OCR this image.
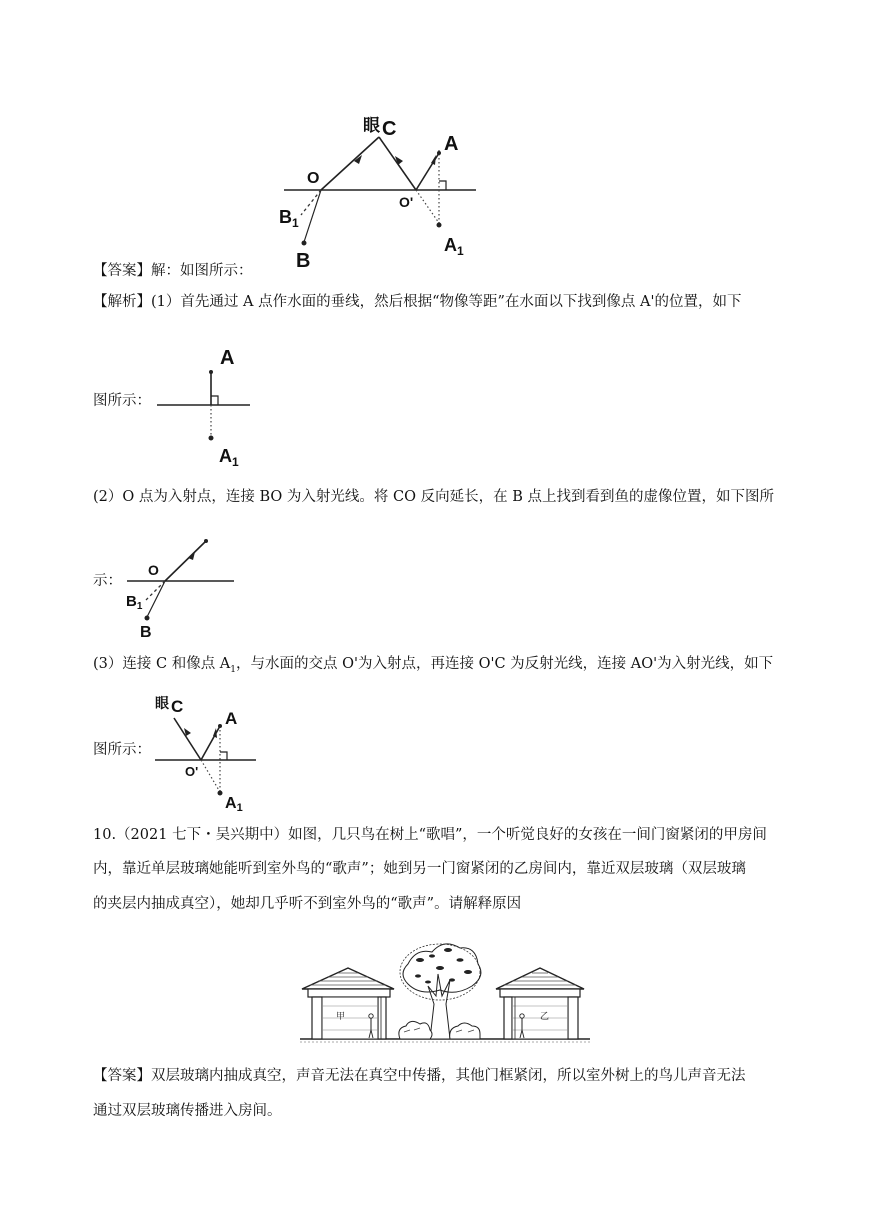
眼 C
A
O
O'
$B_1$
B
$A_1$
【答案】解：如图所示：
【解析】(1）首先通过 A 点作水面的垂线，然后根据“物像等距”在水面以下找到像点 A'的位置，如下
A
$A_1$
图所示：
(2）O 点为入射点，连接 BO 为入射光线。将 CO 反向延长，在 B 点上找到看到鱼的虚像位置，如下图所
O
$B_1$
B
示：
(3）连接 C 和像点 $A_1$，与水面的交点 O'为入射点，再连接 O'C 为反射光线，连接 AO'为入射光线，如下
眼 C
A
O'
A1
图所示：
10.（2021 七下・吴兴期中）如图，几只鸟在树上“歌唱”，一个听觉良好的女孩在一间门窗紧闭的甲房间
内，靠近单层玻璃她能听到室外鸟的“歌声”；她到另一门窗紧闭的乙房间内，靠近双层玻璃（双层玻璃
的夹层内抽成真空），她却几乎听不到室外鸟的“歌声”。请解释原因
甲	乙
【答案】双层玻璃内抽成真空，声音无法在真空中传播，其他门框紧闭，所以室外树上的鸟儿声音无法
通过双层玻璃传播进入房间。
